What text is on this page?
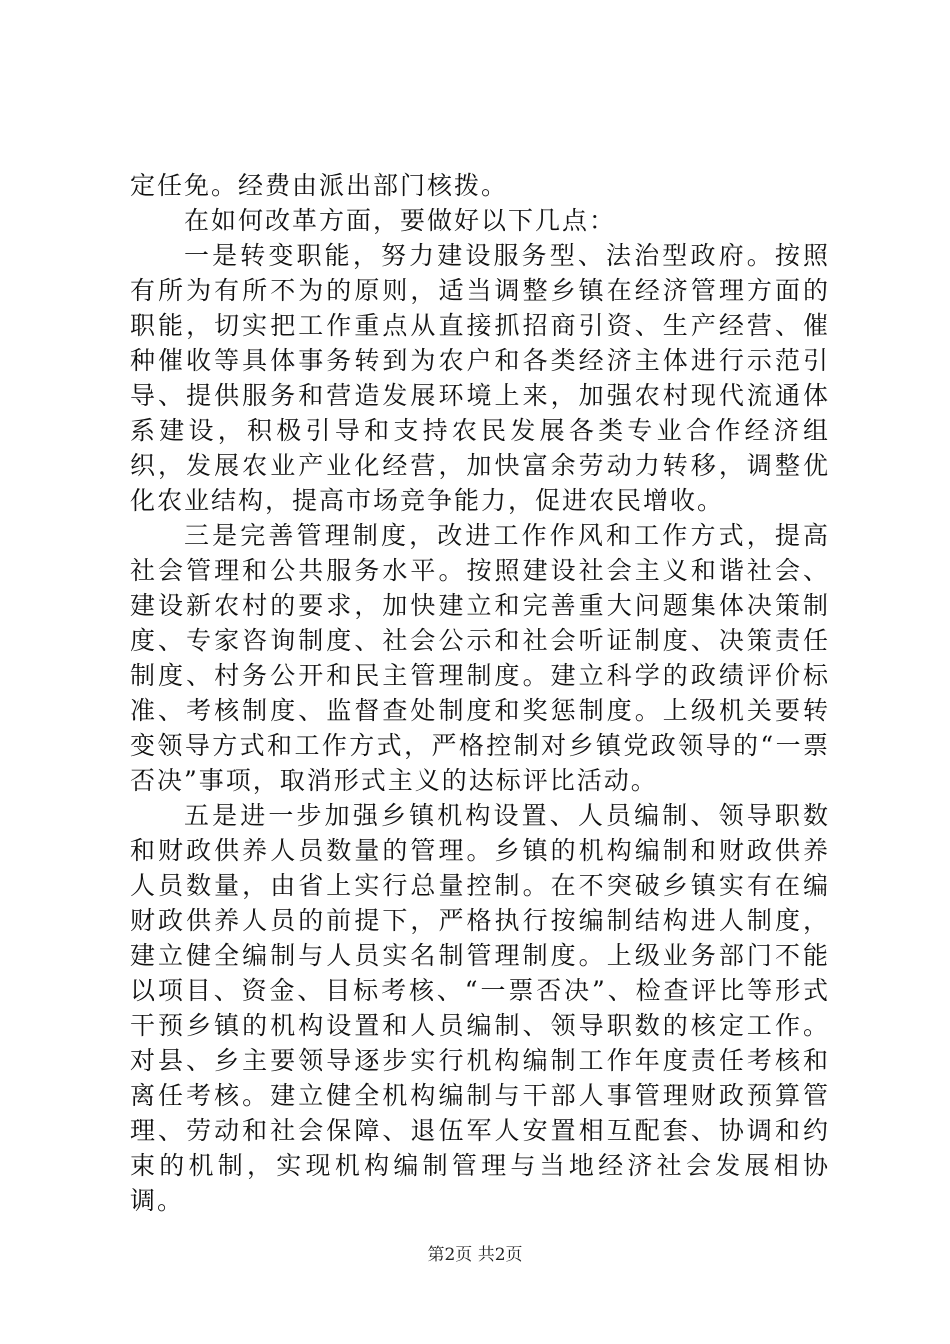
定任免。经费由派出部门核拨。

在如何改革方面，要做好以下几点：

一是转变职能，努力建设服务型、法治型政府。按照有所为有所不为的原则，适当调整乡镇在经济管理方面的职能，切实把工作重点从直接抓招商引资、生产经营、催种催收等具体事务转到为农户和各类经济主体进行示范引导、提供服务和营造发展环境上来，加强农村现代流通体系建设，积极引导和支持农民发展各类专业合作经济组织，发展农业产业化经营，加快富余劳动力转移，调整优化农业结构，提高市场竞争能力，促进农民增收。

三是完善管理制度，改进工作作风和工作方式，提高社会管理和公共服务水平。按照建设社会主义和谐社会、建设新农村的要求，加快建立和完善重大问题集体决策制度、专家咨询制度、社会公示和社会听证制度、决策责任制度、村务公开和民主管理制度。建立科学的政绩评价标准、考核制度、监督查处制度和奖惩制度。上级机关要转变领导方式和工作方式，严格控制对乡镇党政领导的“一票否决”事项，取消形式主义的达标评比活动。

五是进一步加强乡镇机构设置、人员编制、领导职数和财政供养人员数量的管理。乡镇的机构编制和财政供养人员数量，由省上实行总量控制。在不突破乡镇实有在编财政供养人员的前提下，严格执行按编制结构进人制度，建立健全编制与人员实名制管理制度。上级业务部门不能以项目、资金、目标考核、“一票否决”、检查评比等形式干预乡镇的机构设置和人员编制、领导职数的核定工作。对县、乡主要领导逐步实行机构编制工作年度责任考核和离任考核。建立健全机构编制与干部人事管理财政预算管理、劳动和社会保障、退伍军人安置相互配套、协调和约束的机制，实现机构编制管理与当地经济社会发展相协调。

第2页 共2页
